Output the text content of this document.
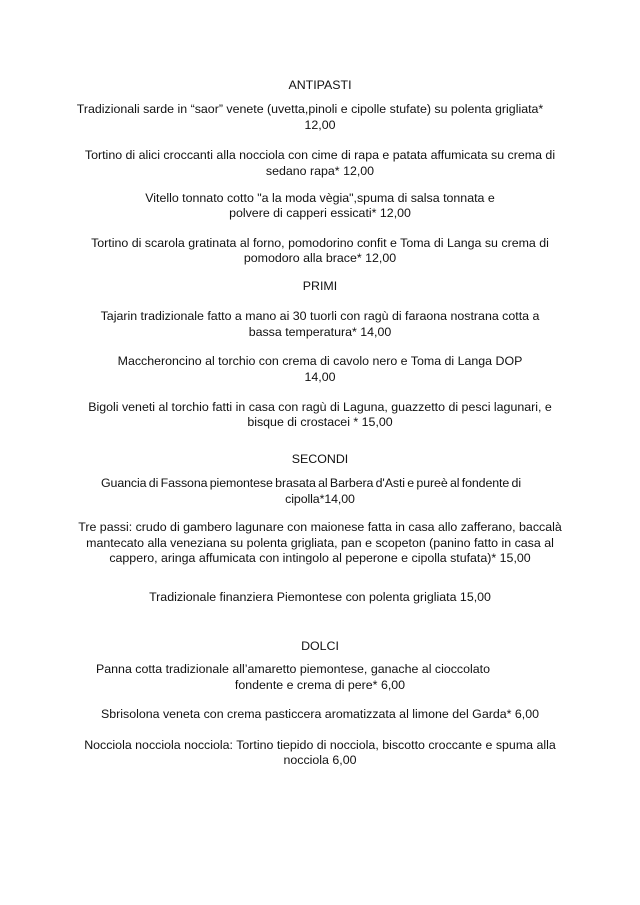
ANTIPASTI
Tradizionali sarde in “saor” venete (uvetta,pinoli e cipolle stufate) su polenta grigliata*
12,00
Tortino di alici croccanti alla nocciola con cime di rapa e patata affumicata su crema di
sedano rapa* 12,00
Vitello tonnato cotto "a la moda vègia",spuma di salsa tonnata e
polvere di capperi essicati* 12,00
Tortino di scarola gratinata al forno, pomodorino confit e Toma di Langa su crema di
pomodoro alla brace* 12,00
PRIMI
Tajarin tradizionale fatto a mano ai 30 tuorli con ragù di faraona nostrana cotta a
bassa temperatura* 14,00
Maccheroncino al torchio con crema di cavolo nero e Toma di Langa DOP
14,00
Bigoli veneti al torchio fatti in casa con ragù di Laguna, guazzetto di pesci lagunari, e
bisque di crostacei * 15,00
SECONDI
Guancia di Fassona piemontese brasata al Barbera d'Asti e pureè al fondente di
cipolla*14,00
Tre passi: crudo di gambero lagunare con maionese fatta in casa allo zafferano, baccalà
mantecato alla veneziana su polenta grigliata, pan e scopeton (panino fatto in casa al
cappero, aringa affumicata con intingolo al peperone e cipolla stufata)* 15,00
Tradizionale finanziera Piemontese con polenta grigliata 15,00
DOLCI
Panna cotta tradizionale all’amaretto piemontese, ganache al cioccolato
fondente e crema di pere* 6,00
Sbrisolona veneta con crema pasticcera aromatizzata al limone del Garda* 6,00
Nocciola nocciola nocciola: Tortino tiepido di nocciola, biscotto croccante e spuma alla
nocciola 6,00
